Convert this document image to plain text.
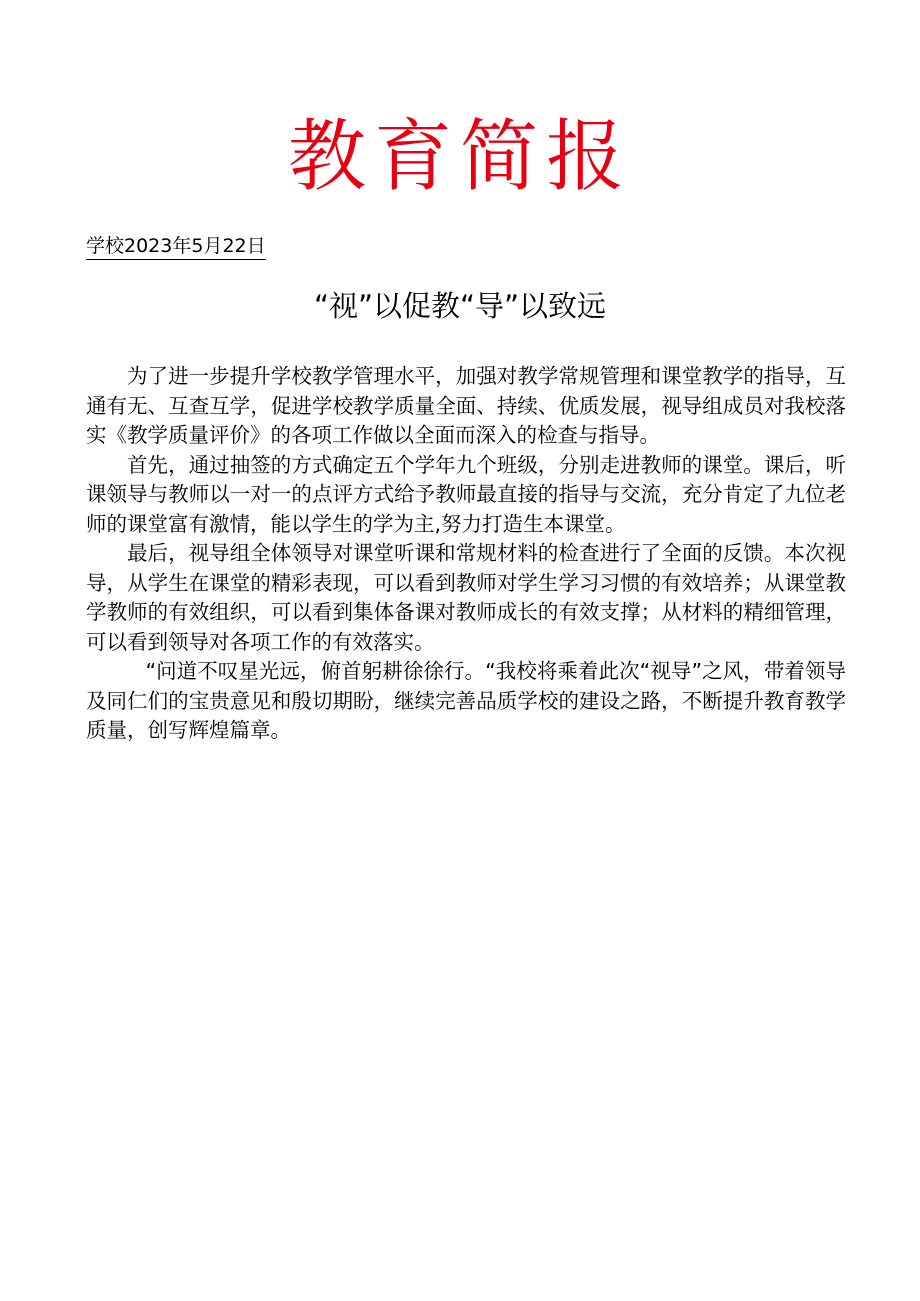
教育简报
学校2023年5月22日
“视”以促教“导”以致远

为了进一步提升学校教学管理水平，加强对教学常规管理和课堂教学的指导，互通有无、互查互学，促进学校教学质量全面、持续、优质发展，视导组成员对我校落实《教学质量评价》的各项工作做以全面而深入的检查与指导。

首先，通过抽签的方式确定五个学年九个班级，分别走进教师的课堂。课后，听课领导与教师以一对一的点评方式给予教师最直接的指导与交流，充分肯定了九位老师的课堂富有激情，能以学生的学为主,努力打造生本课堂。

最后，视导组全体领导对课堂听课和常规材料的检查进行了全面的反馈。本次视导，从学生在课堂的精彩表现，可以看到教师对学生学习习惯的有效培养；从课堂教学教师的有效组织，可以看到集体备课对教师成长的有效支撑；从材料的精细管理，可以看到领导对各项工作的有效落实。

“问道不叹星光远，俯首躬耕徐徐行。“我校将乘着此次“视导”之风，带着领导及同仁们的宝贵意见和殷切期盼，继续完善品质学校的建设之路，不断提升教育教学质量，创写辉煌篇章。
